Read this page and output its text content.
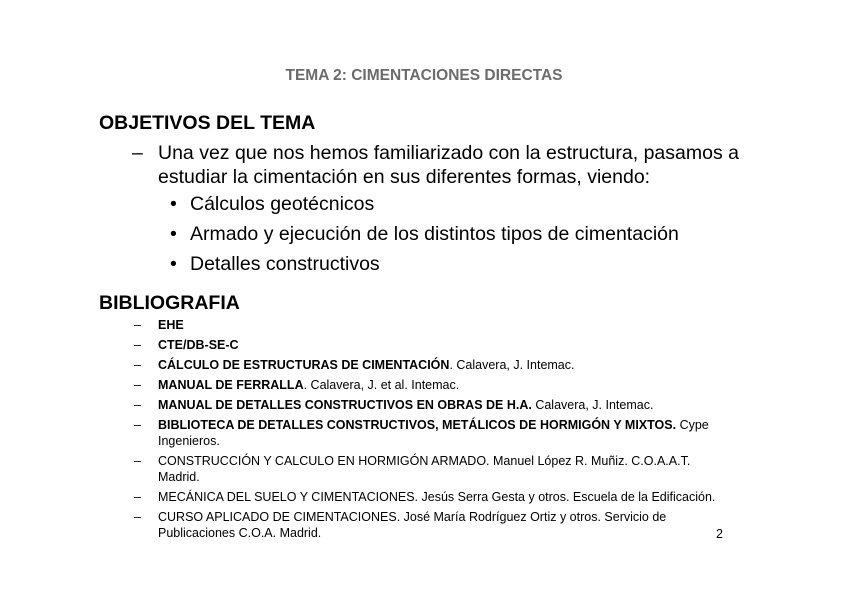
TEMA 2: CIMENTACIONES DIRECTAS
OBJETIVOS DEL TEMA
– Una vez que nos hemos familiarizado con la estructura, pasamos a estudiar la cimentación en sus diferentes formas, viendo:
• Cálculos geotécnicos
• Armado y ejecución de los distintos tipos de cimentación
• Detalles constructivos
BIBLIOGRAFIA
– EHE
– CTE/DB-SE-C
– CÁLCULO DE ESTRUCTURAS DE CIMENTACIÓN. Calavera, J. Intemac.
– MANUAL DE FERRALLA. Calavera, J. et al. Intemac.
– MANUAL DE DETALLES CONSTRUCTIVOS EN OBRAS DE H.A. Calavera, J. Intemac.
– BIBLIOTECA DE DETALLES CONSTRUCTIVOS, METÁLICOS DE HORMIGÓN Y MIXTOS. Cype Ingenieros.
– CONSTRUCCIÓN Y CALCULO EN HORMIGÓN ARMADO. Manuel López R. Muñiz. C.O.A.A.T. Madrid.
– MECÁNICA DEL SUELO Y CIMENTACIONES. Jesús Serra Gesta y otros. Escuela de la Edificación.
– CURSO APLICADO DE CIMENTACIONES. José María Rodríguez Ortiz y otros. Servicio de Publicaciones C.O.A. Madrid.	2
